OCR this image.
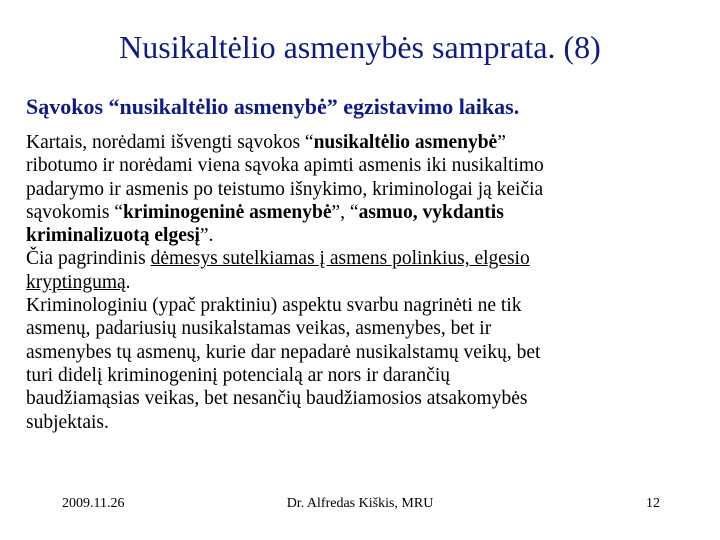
Nusikaltėlio asmenybės samprata. (8)
Sąvokos “nusikaltėlio asmenybė” egzistavimo laikas.

Kartais, norėdami išvengti sąvokos “nusikaltėlio asmenybė”
ribotumo ir norėdami viena sąvoka apimti asmenis iki nusikaltimo
padarymo ir asmenis po teistumo išnykimo, kriminologai ją keičia
sąvokomis “kriminogeninė asmenybė”, “asmuo, vykdantis
kriminalizuotą elgesį”.

Čia pagrindinis dėmesys sutelkiamas į asmens polinkius, elgesio
kryptingumą.

Kriminologiniu (ypač praktiniu) aspektu svarbu nagrinėti ne tik
asmenų, padariusių nusikalstamas veikas, asmenybes, bet ir
asmenybes tų asmenų, kurie dar nepadarė nusikalstamų veikų, bet
turi didelį kriminogeninį potencialą ar nors ir darančių
baudžiamąsias veikas, bet nesančių baudžiamosios atsakomybės
subjektais.

2009.11.26	Dr. Alfredas Kiškis, MRU	12
